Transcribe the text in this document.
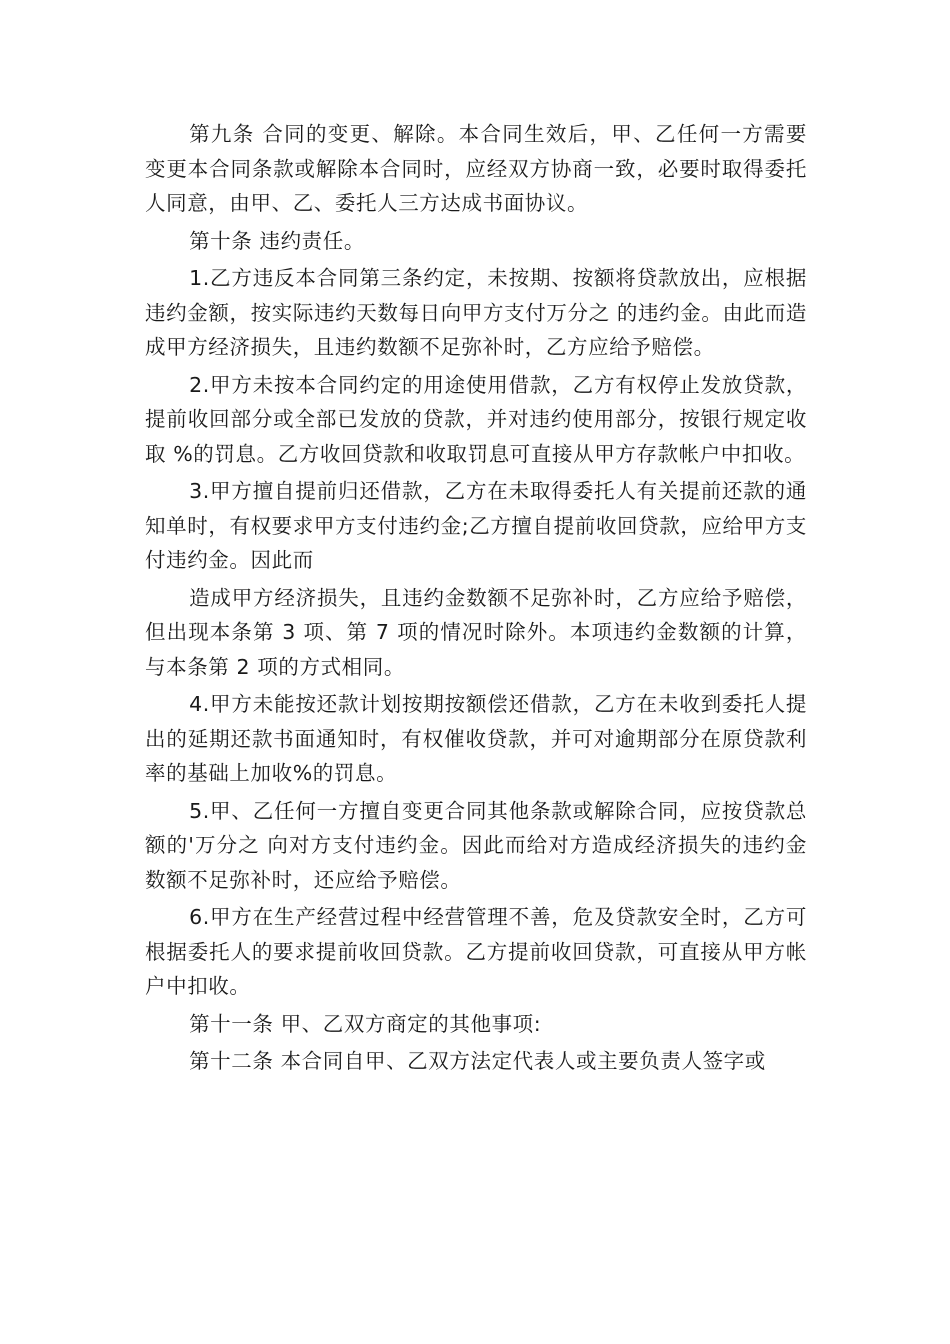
第九条 合同的变更、解除。本合同生效后，甲、乙任何一方需要变更本合同条款或解除本合同时，应经双方协商一致，必要时取得委托人同意，由甲、乙、委托人三方达成书面协议。

第十条 违约责任。

1.乙方违反本合同第三条约定，未按期、按额将贷款放出，应根据违约金额，按实际违约天数每日向甲方支付万分之 的违约金。由此而造成甲方经济损失，且违约数额不足弥补时，乙方应给予赔偿。

2.甲方未按本合同约定的用途使用借款，乙方有权停止发放贷款，提前收回部分或全部已发放的贷款，并对违约使用部分，按银行规定收取 %的罚息。乙方收回贷款和收取罚息可直接从甲方存款帐户中扣收。

3.甲方擅自提前归还借款，乙方在未取得委托人有关提前还款的通知单时，有权要求甲方支付违约金;乙方擅自提前收回贷款，应给甲方支付违约金。因此而

造成甲方经济损失，且违约金数额不足弥补时，乙方应给予赔偿，但出现本条第 3 项、第 7 项的情况时除外。本项违约金数额的计算，与本条第 2 项的方式相同。

4.甲方未能按还款计划按期按额偿还借款，乙方在未收到委托人提出的延期还款书面通知时，有权催收贷款，并可对逾期部分在原贷款利率的基础上加收%的罚息。

5.甲、乙任何一方擅自变更合同其他条款或解除合同，应按贷款总额的'万分之 向对方支付违约金。因此而给对方造成经济损失的违约金数额不足弥补时，还应给予赔偿。

6.甲方在生产经营过程中经营管理不善，危及贷款安全时，乙方可根据委托人的要求提前收回贷款。乙方提前收回贷款，可直接从甲方帐户中扣收。

第十一条 甲、乙双方商定的其他事项:

第十二条 本合同自甲、乙双方法定代表人或主要负责人签字或
